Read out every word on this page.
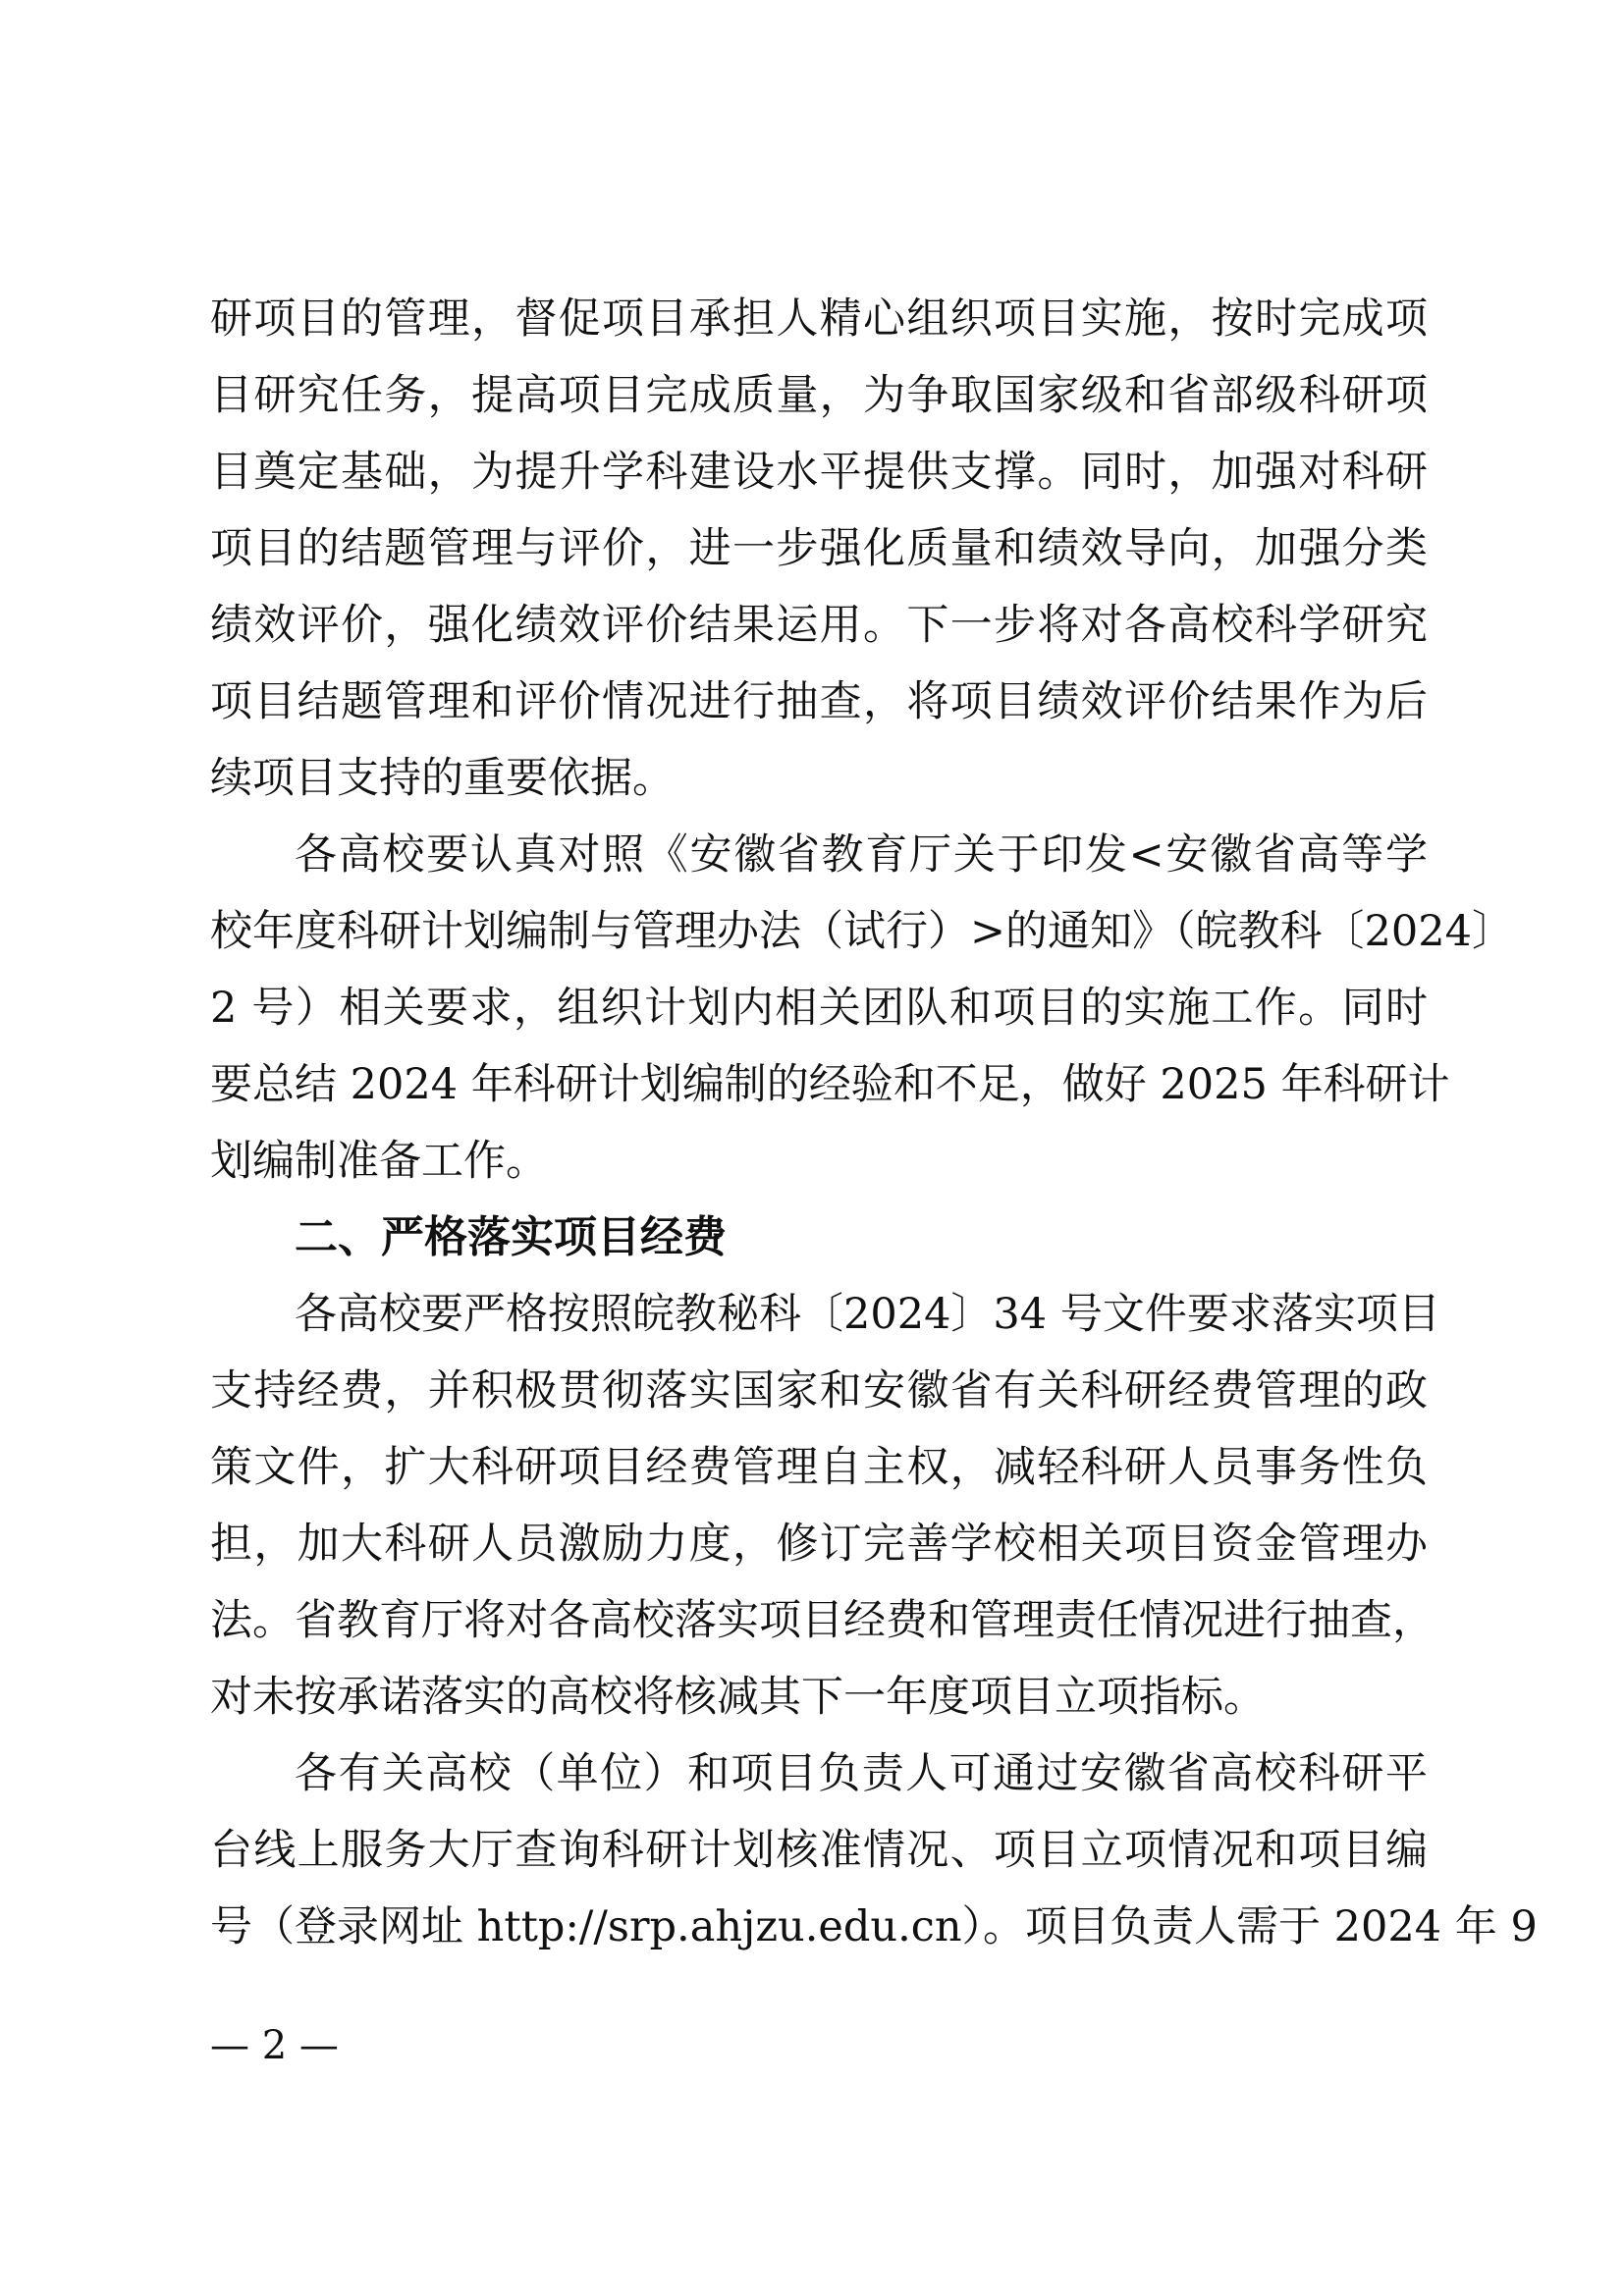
研项目的管理，督促项目承担人精心组织项目实施，按时完成项
目研究任务，提高项目完成质量，为争取国家级和省部级科研项
目奠定基础，为提升学科建设水平提供支撑。同时，加强对科研
项目的结题管理与评价，进一步强化质量和绩效导向，加强分类
绩效评价，强化绩效评价结果运用。下一步将对各高校科学研究
项目结题管理和评价情况进行抽查，将项目绩效评价结果作为后
续项目支持的重要依据。
各高校要认真对照《安徽省教育厅关于印发<安徽省高等学
校年度科研计划编制与管理办法（试行）>的通知》（皖教科〔2024〕
2 号）相关要求，组织计划内相关团队和项目的实施工作。同时
要总结 2024 年科研计划编制的经验和不足，做好 2025 年科研计
划编制准备工作。
二、严格落实项目经费
各高校要严格按照皖教秘科〔2024〕34 号文件要求落实项目
支持经费，并积极贯彻落实国家和安徽省有关科研经费管理的政
策文件，扩大科研项目经费管理自主权，减轻科研人员事务性负
担，加大科研人员激励力度，修订完善学校相关项目资金管理办
法。省教育厅将对各高校落实项目经费和管理责任情况进行抽查，
对未按承诺落实的高校将核减其下一年度项目立项指标。
各有关高校（单位）和项目负责人可通过安徽省高校科研平
台线上服务大厅查询科研计划核准情况、项目立项情况和项目编
号（登录网址 http://srp.ahjzu.edu.cn）。项目负责人需于 2024 年 9
— 2 —
